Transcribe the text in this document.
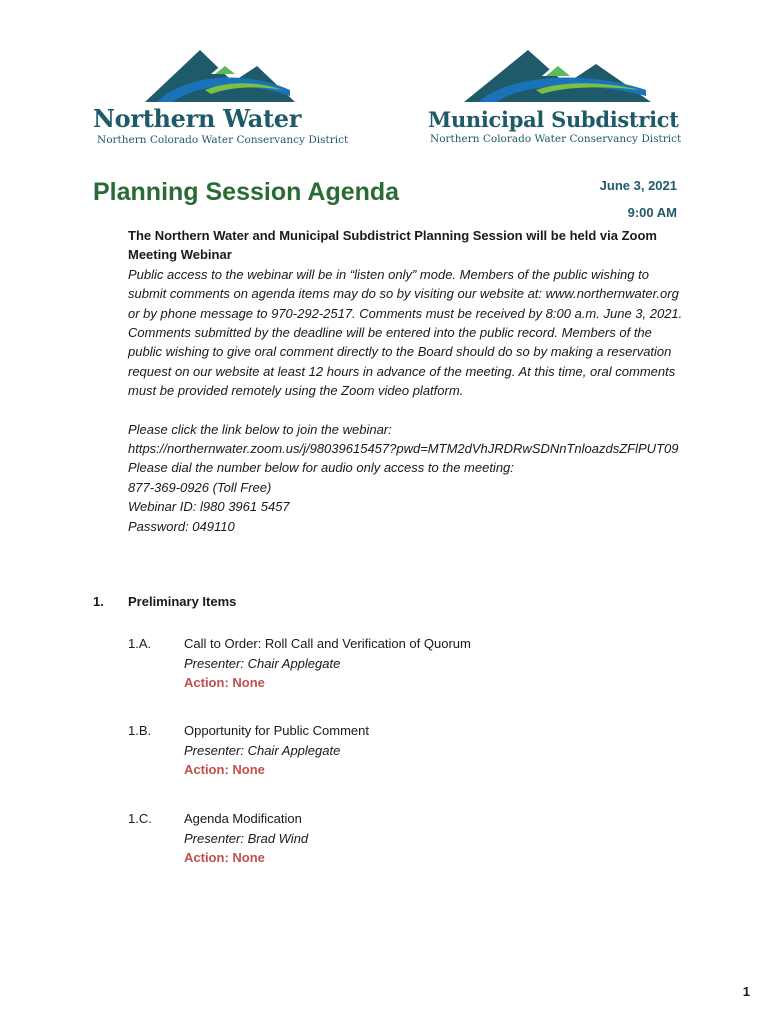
Northern Water
Northern Colorado Water Conservancy District
Municipal Subdistrict
Northern Colorado Water Conservancy District
Planning Session Agenda	June 3, 2021
9:00 AM

The Northern Water and Municipal Subdistrict Planning Session will be held via Zoom Meeting Webinar

Public access to the webinar will be in “listen only” mode. Members of the public wishing to submit comments on agenda items may do so by visiting our website at: www.northernwater.org or by phone message to 970-292-2517. Comments must be received by 8:00 a.m. June 3, 2021. Comments submitted by the deadline will be entered into the public record. Members of the public wishing to give oral comment directly to the Board should do so by making a reservation request on our website at least 12 hours in advance of the meeting. At this time, oral comments must be provided remotely using the Zoom video platform.

Please click the link below to join the webinar:

https://northernwater.zoom.us/j/98039615457?pwd=MTM2dVhJRDRwSDNnTnloazdsZFlPUT09

Please dial the number below for audio only access to the meeting:

877-369-0926 (Toll Free)

Webinar ID: l980 3961 5457

Password: 049110

1. Preliminary Items
1.A.	Call to Order: Roll Call and Verification of Quorum
Presenter: Chair Applegate
Action: None
1.B.	Opportunity for Public Comment
Presenter: Chair Applegate
Action: None
1.C. Agenda Modification
Presenter: Brad Wind
Action: None
1
